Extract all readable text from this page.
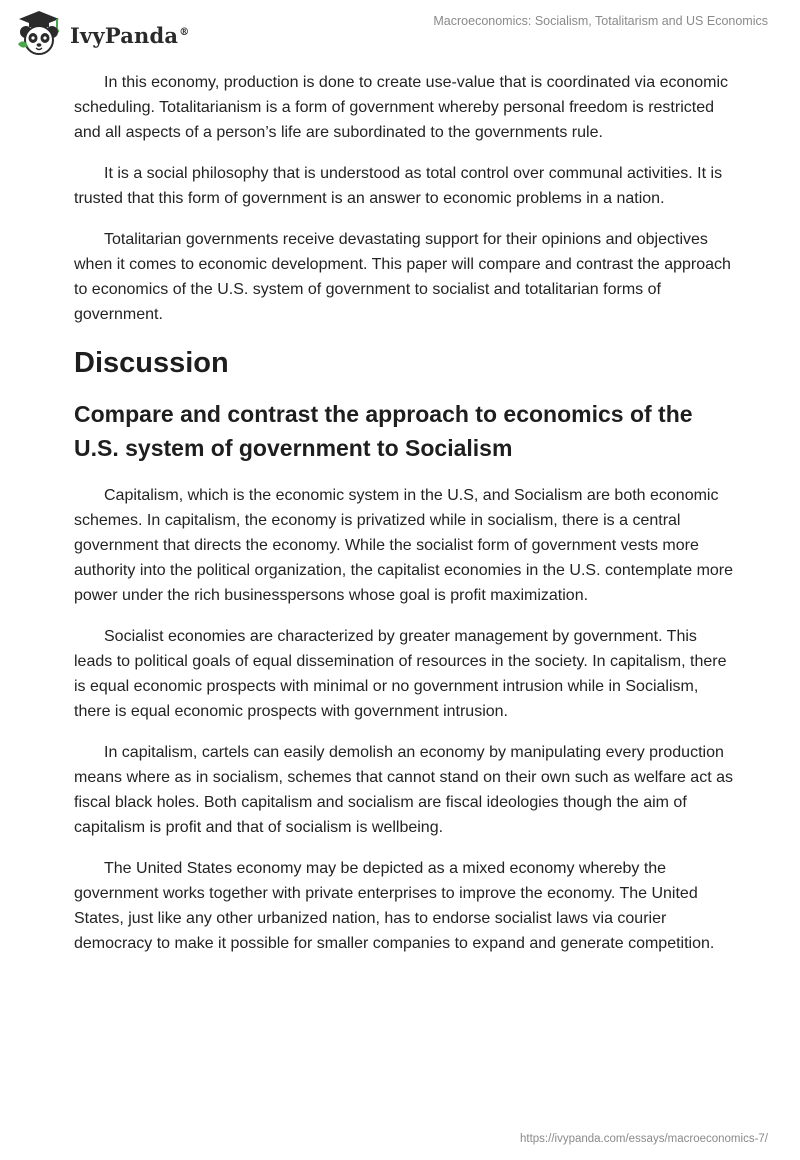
IvyPanda®
Macroeconomics: Socialism, Totalitarism and US Economics

In this economy, production is done to create use-value that is coordinated via economic scheduling. Totalitarianism is a form of government whereby personal freedom is restricted and all aspects of a person’s life are subordinated to the governments rule.

It is a social philosophy that is understood as total control over communal activities. It is trusted that this form of government is an answer to economic problems in a nation.

Totalitarian governments receive devastating support for their opinions and objectives when it comes to economic development. This paper will compare and contrast the approach to economics of the U.S. system of government to socialist and totalitarian forms of government.

Discussion
Compare and contrast the approach to economics of the U.S. system of government to Socialism

Capitalism, which is the economic system in the U.S, and Socialism are both economic schemes. In capitalism, the economy is privatized while in socialism, there is a central government that directs the economy. While the socialist form of government vests more authority into the political organization, the capitalist economies in the U.S. contemplate more power under the rich businesspersons whose goal is profit maximization.

Socialist economies are characterized by greater management by government. This leads to political goals of equal dissemination of resources in the society. In capitalism, there is equal economic prospects with minimal or no government intrusion while in Socialism, there is equal economic prospects with government intrusion.

In capitalism, cartels can easily demolish an economy by manipulating every production means where as in socialism, schemes that cannot stand on their own such as welfare act as fiscal black holes. Both capitalism and socialism are fiscal ideologies though the aim of capitalism is profit and that of socialism is wellbeing.

The United States economy may be depicted as a mixed economy whereby the government works together with private enterprises to improve the economy. The United States, just like any other urbanized nation, has to endorse socialist laws via courier democracy to make it possible for smaller companies to expand and generate competition.

https://ivypanda.com/essays/macroeconomics-7/
